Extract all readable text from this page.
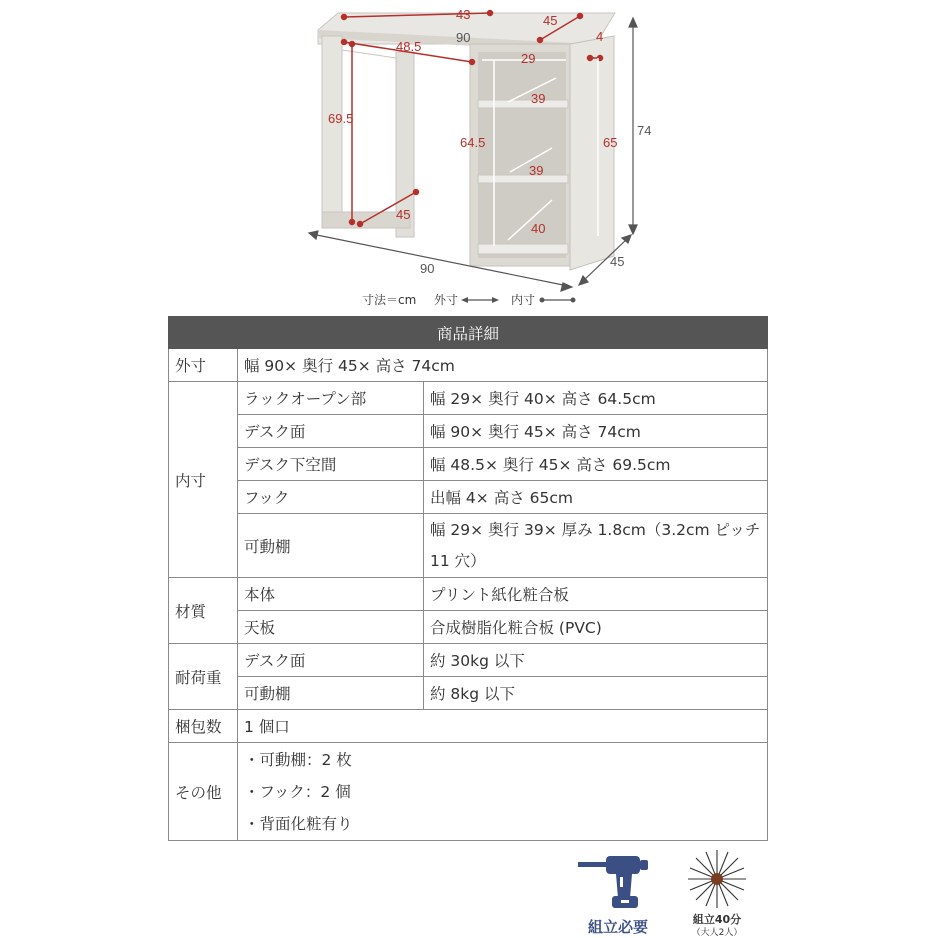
43	45
90	4
48.5
29
39
69.5
64.5
39
65
40
45
74
90	45
寸法＝cm 外寸	内寸
商品詳細		
外寸	幅 90× 奥行 45× 高さ 74cm	
内寸	ラックオープン部	幅 29× 奥行 40× 高さ 64.5cm
	デスク面	幅 90× 奥行 45× 高さ 74cm
	デスク下空間	幅 48.5× 奥行 45× 高さ 69.5cm
	フック	出幅 4× 高さ 65cm
	可動棚	幅 29× 奥行 39× 厚み 1.8cm（3.2cm ピッチ 11 穴）
材質	本体	プリント紙化粧合板
	天板	合成樹脂化粧合板 (PVC)
耐荷重	デスク面	約 30kg 以下
	可動棚	約 8kg 以下
梱包数	1 個口	
その他	・可動棚：2 枚
・フック：2 個
・背面化粧有り	
組立必要	組立40分
（大人2人）
